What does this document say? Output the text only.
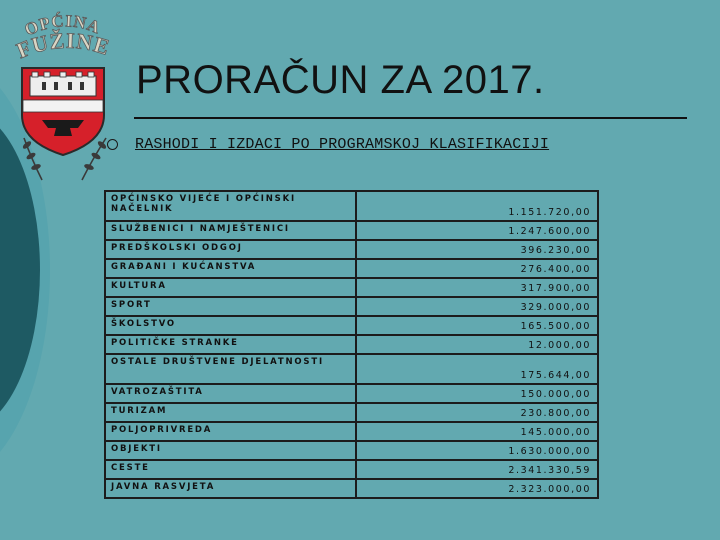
OPĆINA
FUŽINE
PRORAČUN ZA 2017.

RASHODI I IZDACI PO PROGRAMSKOJ KLASIFIKACIJI

OPĆINSKO VIJEĆE I OPĆINSKI NAČELNIK	1.151.720,00
SLUŽBENICI I NAMJEŠTENICI	1.247.600,00
PREDŠKOLSKI ODGOJ	396.230,00
GRAĐANI I KUĆANSTVA	276.400,00
KULTURA	317.900,00
SPORT	329.000,00
ŠKOLSTVO	165.500,00
POLITIČKE STRANKE	12.000,00
OSTALE DRUŠTVENE DJELATNOSTI	175.644,00
VATROZAŠTITA	150.000,00
TURIZAM	230.800,00
POLJOPRIVREDA	145.000,00
OBJEKTI	1.630.000,00
CESTE	2.341.330,59
JAVNA RASVJETA	2.323.000,00
